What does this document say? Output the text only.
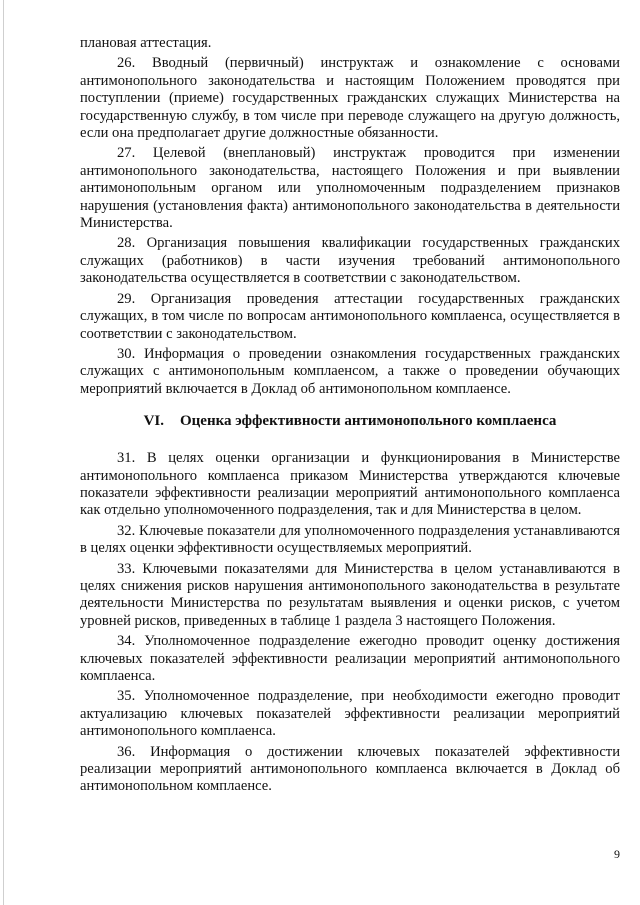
плановая аттестация.

26. Вводный (первичный) инструктаж и ознакомление с основами антимонопольного законодательства и настоящим Положением проводятся при поступлении (приеме) государственных гражданских служащих Министерства на государственную службу, в том числе при переводе служащего на другую должность, если она предполагает другие должностные обязанности.

27. Целевой (внеплановый) инструктаж проводится при изменении антимонопольного законодательства, настоящего Положения и при выявлении антимонопольным органом или уполномоченным подразделением признаков нарушения (установления факта) антимонопольного законодательства в деятельности Министерства.

28. Организация повышения квалификации государственных гражданских служащих (работников) в части изучения требований антимонопольного законодательства осуществляется в соответствии с законодательством.

29. Организация проведения аттестации государственных гражданских служащих, в том числе по вопросам антимонопольного комплаенса, осуществляется в соответствии с законодательством.

30. Информация о проведении ознакомления государственных гражданских служащих с антимонопольным комплаенсом, а также о проведении обучающих мероприятий включается в Доклад об антимонопольном комплаенсе.

VI. Оценка эффективности антимонопольного комплаенса

31. В целях оценки организации и функционирования в Министерстве антимонопольного комплаенса приказом Министерства утверждаются ключевые показатели эффективности реализации мероприятий антимонопольного комплаенса как отдельно уполномоченного подразделения, так и для Министерства в целом.

32. Ключевые показатели для уполномоченного подразделения устанавливаются в целях оценки эффективности осуществляемых мероприятий.

33. Ключевыми показателями для Министерства в целом устанавливаются в целях снижения рисков нарушения антимонопольного законодательства в результате деятельности Министерства по результатам выявления и оценки рисков, с учетом уровней рисков, приведенных в таблице 1 раздела 3 настоящего Положения.

34. Уполномоченное подразделение ежегодно проводит оценку достижения ключевых показателей эффективности реализации мероприятий антимонопольного комплаенса.

35. Уполномоченное подразделение, при необходимости ежегодно проводит актуализацию ключевых показателей эффективности реализации мероприятий антимонопольного комплаенса.

36. Информация о достижении ключевых показателей эффективности реализации мероприятий антимонопольного комплаенса включается в Доклад об антимонопольном комплаенсе.

9
